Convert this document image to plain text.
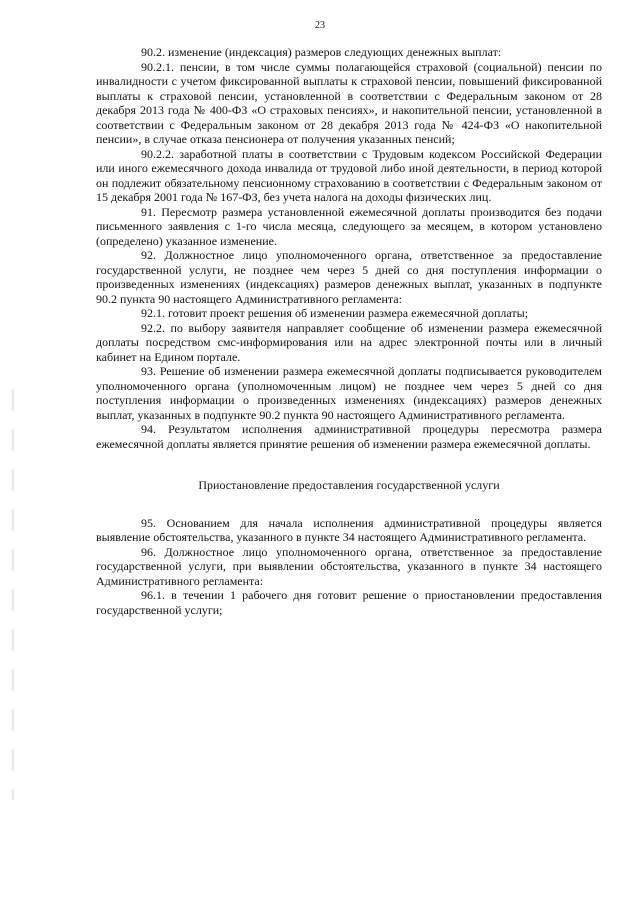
23

90.2. изменение (индексация) размеров следующих денежных выплат:

90.2.1. пенсии, в том числе суммы полагающейся страховой (социальной) пенсии по инвалидности с учетом фиксированной выплаты к страховой пенсии, повышений фиксированной выплаты к страховой пенсии, установленной в соответствии с Федеральным законом от 28 декабря 2013 года № 400-ФЗ «О страховых пенсиях», и накопительной пенсии, установленной в соответствии с Федеральным законом от 28 декабря 2013 года № 424-ФЗ «О накопительной пенсии», в случае отказа пенсионера от получения указанных пенсий;

90.2.2. заработной платы в соответствии с Трудовым кодексом Российской Федерации или иного ежемесячного дохода инвалида от трудовой либо иной деятельности, в период которой он подлежит обязательному пенсионному страхованию в соответствии с Федеральным законом от 15 декабря 2001 года № 167-ФЗ, без учета налога на доходы физических лиц.

91. Пересмотр размера установленной ежемесячной доплаты производится без подачи письменного заявления с 1-го числа месяца, следующего за месяцем, в котором установлено (определено) указанное изменение.

92. Должностное лицо уполномоченного органа, ответственное за предоставление государственной услуги, не позднее чем через 5 дней со дня поступления информации о произведенных изменениях (индексациях) размеров денежных выплат, указанных в подпункте 90.2 пункта 90 настоящего Административного регламента:

92.1. готовит проект решения об изменении размера ежемесячной доплаты;

92.2. по выбору заявителя направляет сообщение об изменении размера ежемесячной доплаты посредством смс-информирования или на адрес электронной почты или в личный кабинет на Едином портале.

93. Решение об изменении размера ежемесячной доплаты подписывается руководителем уполномоченного органа (уполномоченным лицом) не позднее чем через 5 дней со дня поступления информации о произведенных изменениях (индексациях) размеров денежных выплат, указанных в подпункте 90.2 пункта 90 настоящего Административного регламента.

94. Результатом исполнения административной процедуры пересмотра размера ежемесячной доплаты является принятие решения об изменении размера ежемесячной доплаты.

Приостановление предоставления государственной услуги

95. Основанием для начала исполнения административной процедуры является выявление обстоятельства, указанного в пункте 34 настоящего Административного регламента.

96. Должностное лицо уполномоченного органа, ответственное за предоставление государственной услуги, при выявлении обстоятельства, указанного в пункте 34 настоящего Административного регламента:

96.1. в течении 1 рабочего дня готовит решение о приостановлении предоставления государственной услуги;
